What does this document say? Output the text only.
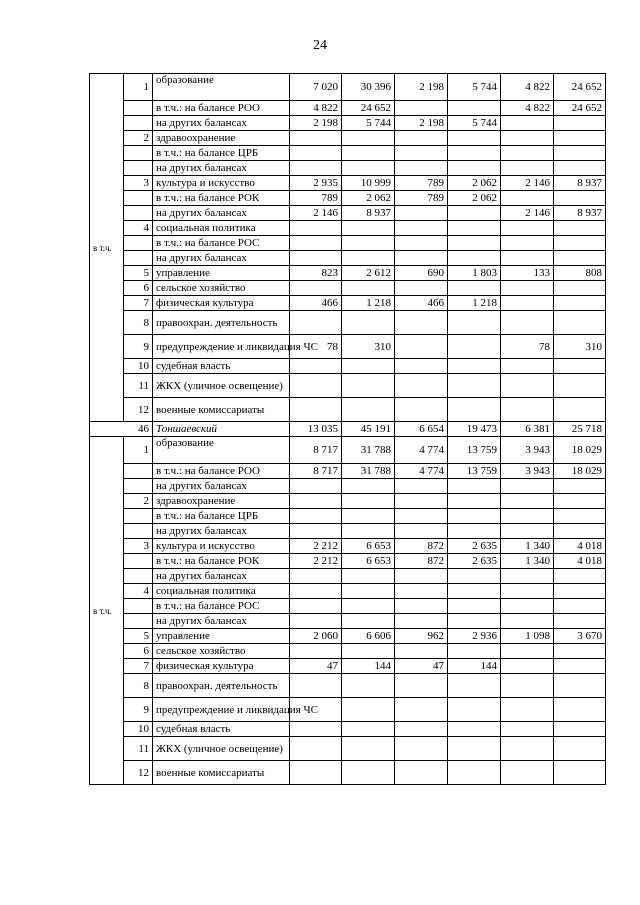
24
в т.ч.	1	образование	7 020	30 396	2 198	5 744	4 822	24 652
		в т.ч.: на балансе РОО	4 822	24 652			4 822	24 652
		на других балансах	2 198	5 744	2 198	5 744		
	2	здравоохранение						
		в т.ч.: на балансе ЦРБ						
		на других балансах						
	3	культура и искусство	2 935	10 999	789	2 062	2 146	8 937
		в т.ч.: на балансе РОК	789	2 062	789	2 062		
		на других балансах	2 146	8 937			2 146	8 937
	4	социальная политика						
		в т.ч.: на балансе РОС						
		на других балансах						
	5	управление	823	2 612	690	1 803	133	808
	6	сельское хозяйство						
	7	физическая культура	466	1 218	466	1 218		
	8	правоохран. деятельность						
	9	предупреждение и ликвидация ЧС	78	310			78	310
	10	судебная власть						
	11	ЖКХ (уличное освещение)						
	12	военные комиссариаты						
46		Тоншаевский	13 035	45 191	6 654	19 473	6 381	25 718
в т.ч.	1	образование	8 717	31 788	4 774	13 759	3 943	18 029
		в т.ч.: на балансе РОО	8 717	31 788	4 774	13 759	3 943	18 029
		на других балансах						
	2	здравоохранение						
		в т.ч.: на балансе ЦРБ						
		на других балансах						
	3	культура и искусство	2 212	6 653	872	2 635	1 340	4 018
		в т.ч.: на балансе РОК	2 212	6 653	872	2 635	1 340	4 018
		на других балансах						
	4	социальная политика						
		в т.ч.: на балансе РОС						
		на других балансах						
	5	управление	2 060	6 606	962	2 936	1 098	3 670
	6	сельское хозяйство						
	7	физическая культура	47	144	47	144		
	8	правоохран. деятельность						
	9	предупреждение и ликвидация ЧС						
	10	судебная власть						
	11	ЖКХ (уличное освещение)						
	12	военные комиссариаты						
